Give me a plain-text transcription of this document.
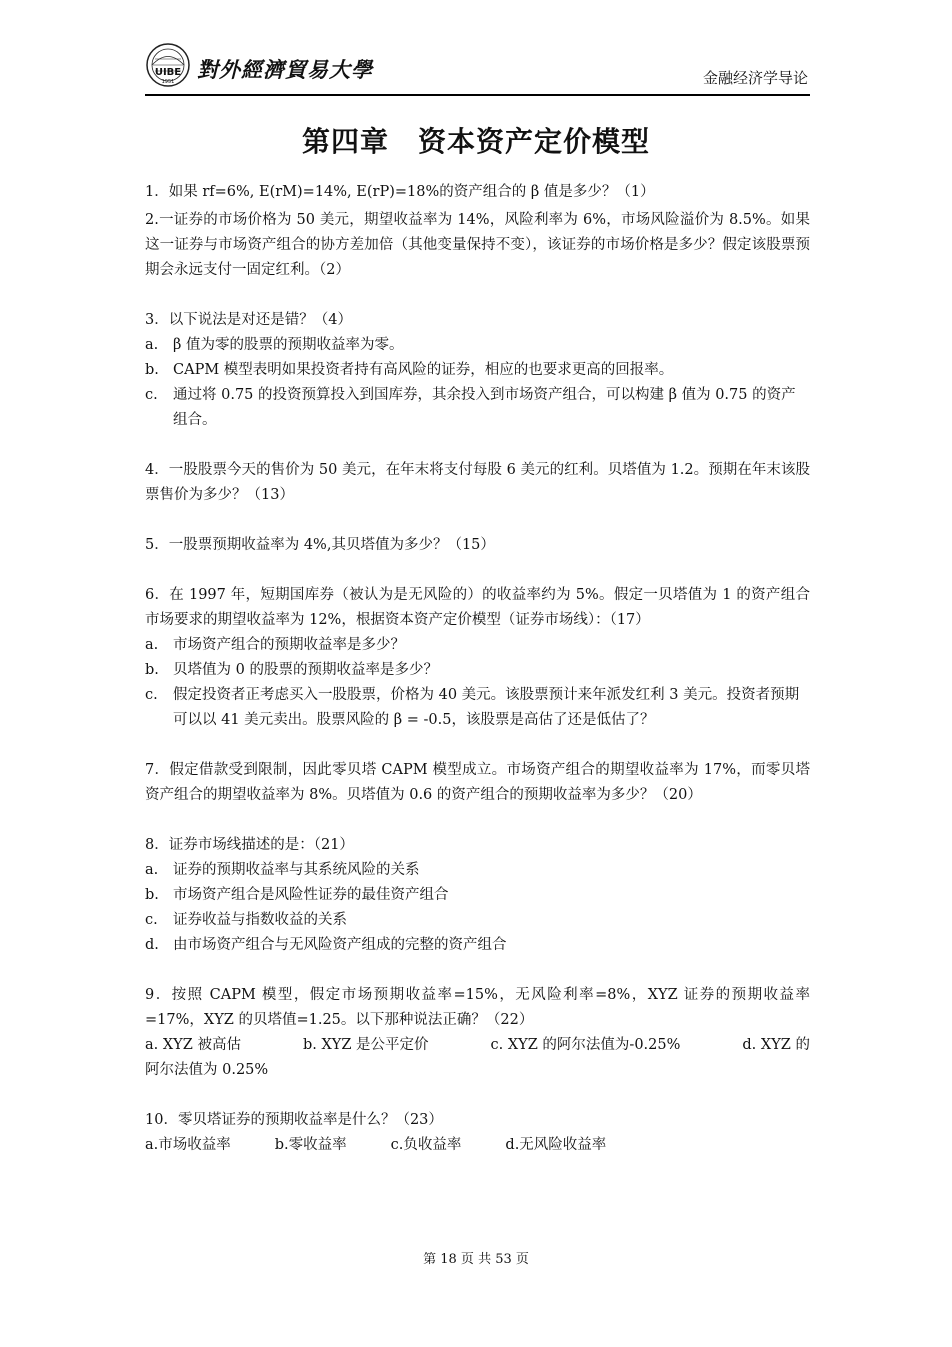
UIBE
1951 對外經濟貿易大學	金融经济学导论
第四章　资本资产定价模型

1．如果 rf=6%, E(rM)=14%, E(rP)=18%的资产组合的 β 值是多少？（1）

2.一证券的市场价格为 50 美元，期望收益率为 14%，风险利率为 6%，市场风险溢价为 8.5%。如果这一证券与市场资产组合的协方差加倍（其他变量保持不变），该证券的市场价格是多少？假定该股票预期会永远支付一固定红利。（2）

3．以下说法是对还是错？（4）

a.	β 值为零的股票的预期收益率为零。
b. CAPM 模型表明如果投资者持有高风险的证券，相应的也要求更高的回报率。
c.	通过将 0.75 的投资预算投入到国库券，其余投入到市场资产组合，可以构建 β 值为 0.75 的资产组合。

4．一股股票今天的售价为 50 美元，在年末将支付每股 6 美元的红利。贝塔值为 1.2。预期在年末该股票售价为多少？（13）

5．一股票预期收益率为 4%,其贝塔值为多少？（15）

6．在 1997 年，短期国库券（被认为是无风险的）的收益率约为 5%。假定一贝塔值为 1 的资产组合市场要求的期望收益率为 12%，根据资本资产定价模型（证券市场线）：（17）

a.	市场资产组合的预期收益率是多少？
b. 贝塔值为 0 的股票的预期收益率是多少？
c.	假定投资者正考虑买入一股股票，价格为 40 美元。该股票预计来年派发红利 3 美元。投资者预期可以以 41 美元卖出。股票风险的 β = -0.5，该股票是高估了还是低估了？

7．假定借款受到限制，因此零贝塔 CAPM 模型成立。市场资产组合的期望收益率为 17%，而零贝塔资产组合的期望收益率为 8%。贝塔值为 0.6 的资产组合的预期收益率为多少？（20）

8．证券市场线描述的是：（21）

a.	证券的预期收益率与其系统风险的关系
b. 市场资产组合是风险性证券的最佳资产组合
c.	证券收益与指数收益的关系
d. 由市场资产组合与无风险资产组成的完整的资产组合

9．按照 CAPM 模型，假定市场预期收益率=15%，无风险利率=8%，XYZ 证券的预期收益率=17%，XYZ 的贝塔值=1.25。以下那种说法正确？（22）

a. XYZ 被高估	b. XYZ 是公平定价	c. XYZ 的阿尔法值为-0.25%	d. XYZ 的

阿尔法值为 0.25%

10．零贝塔证券的预期收益率是什么？（23）

a.市场收益率	b.零收益率	c.负收益率	d.无风险收益率
第 18 页 共 53 页
